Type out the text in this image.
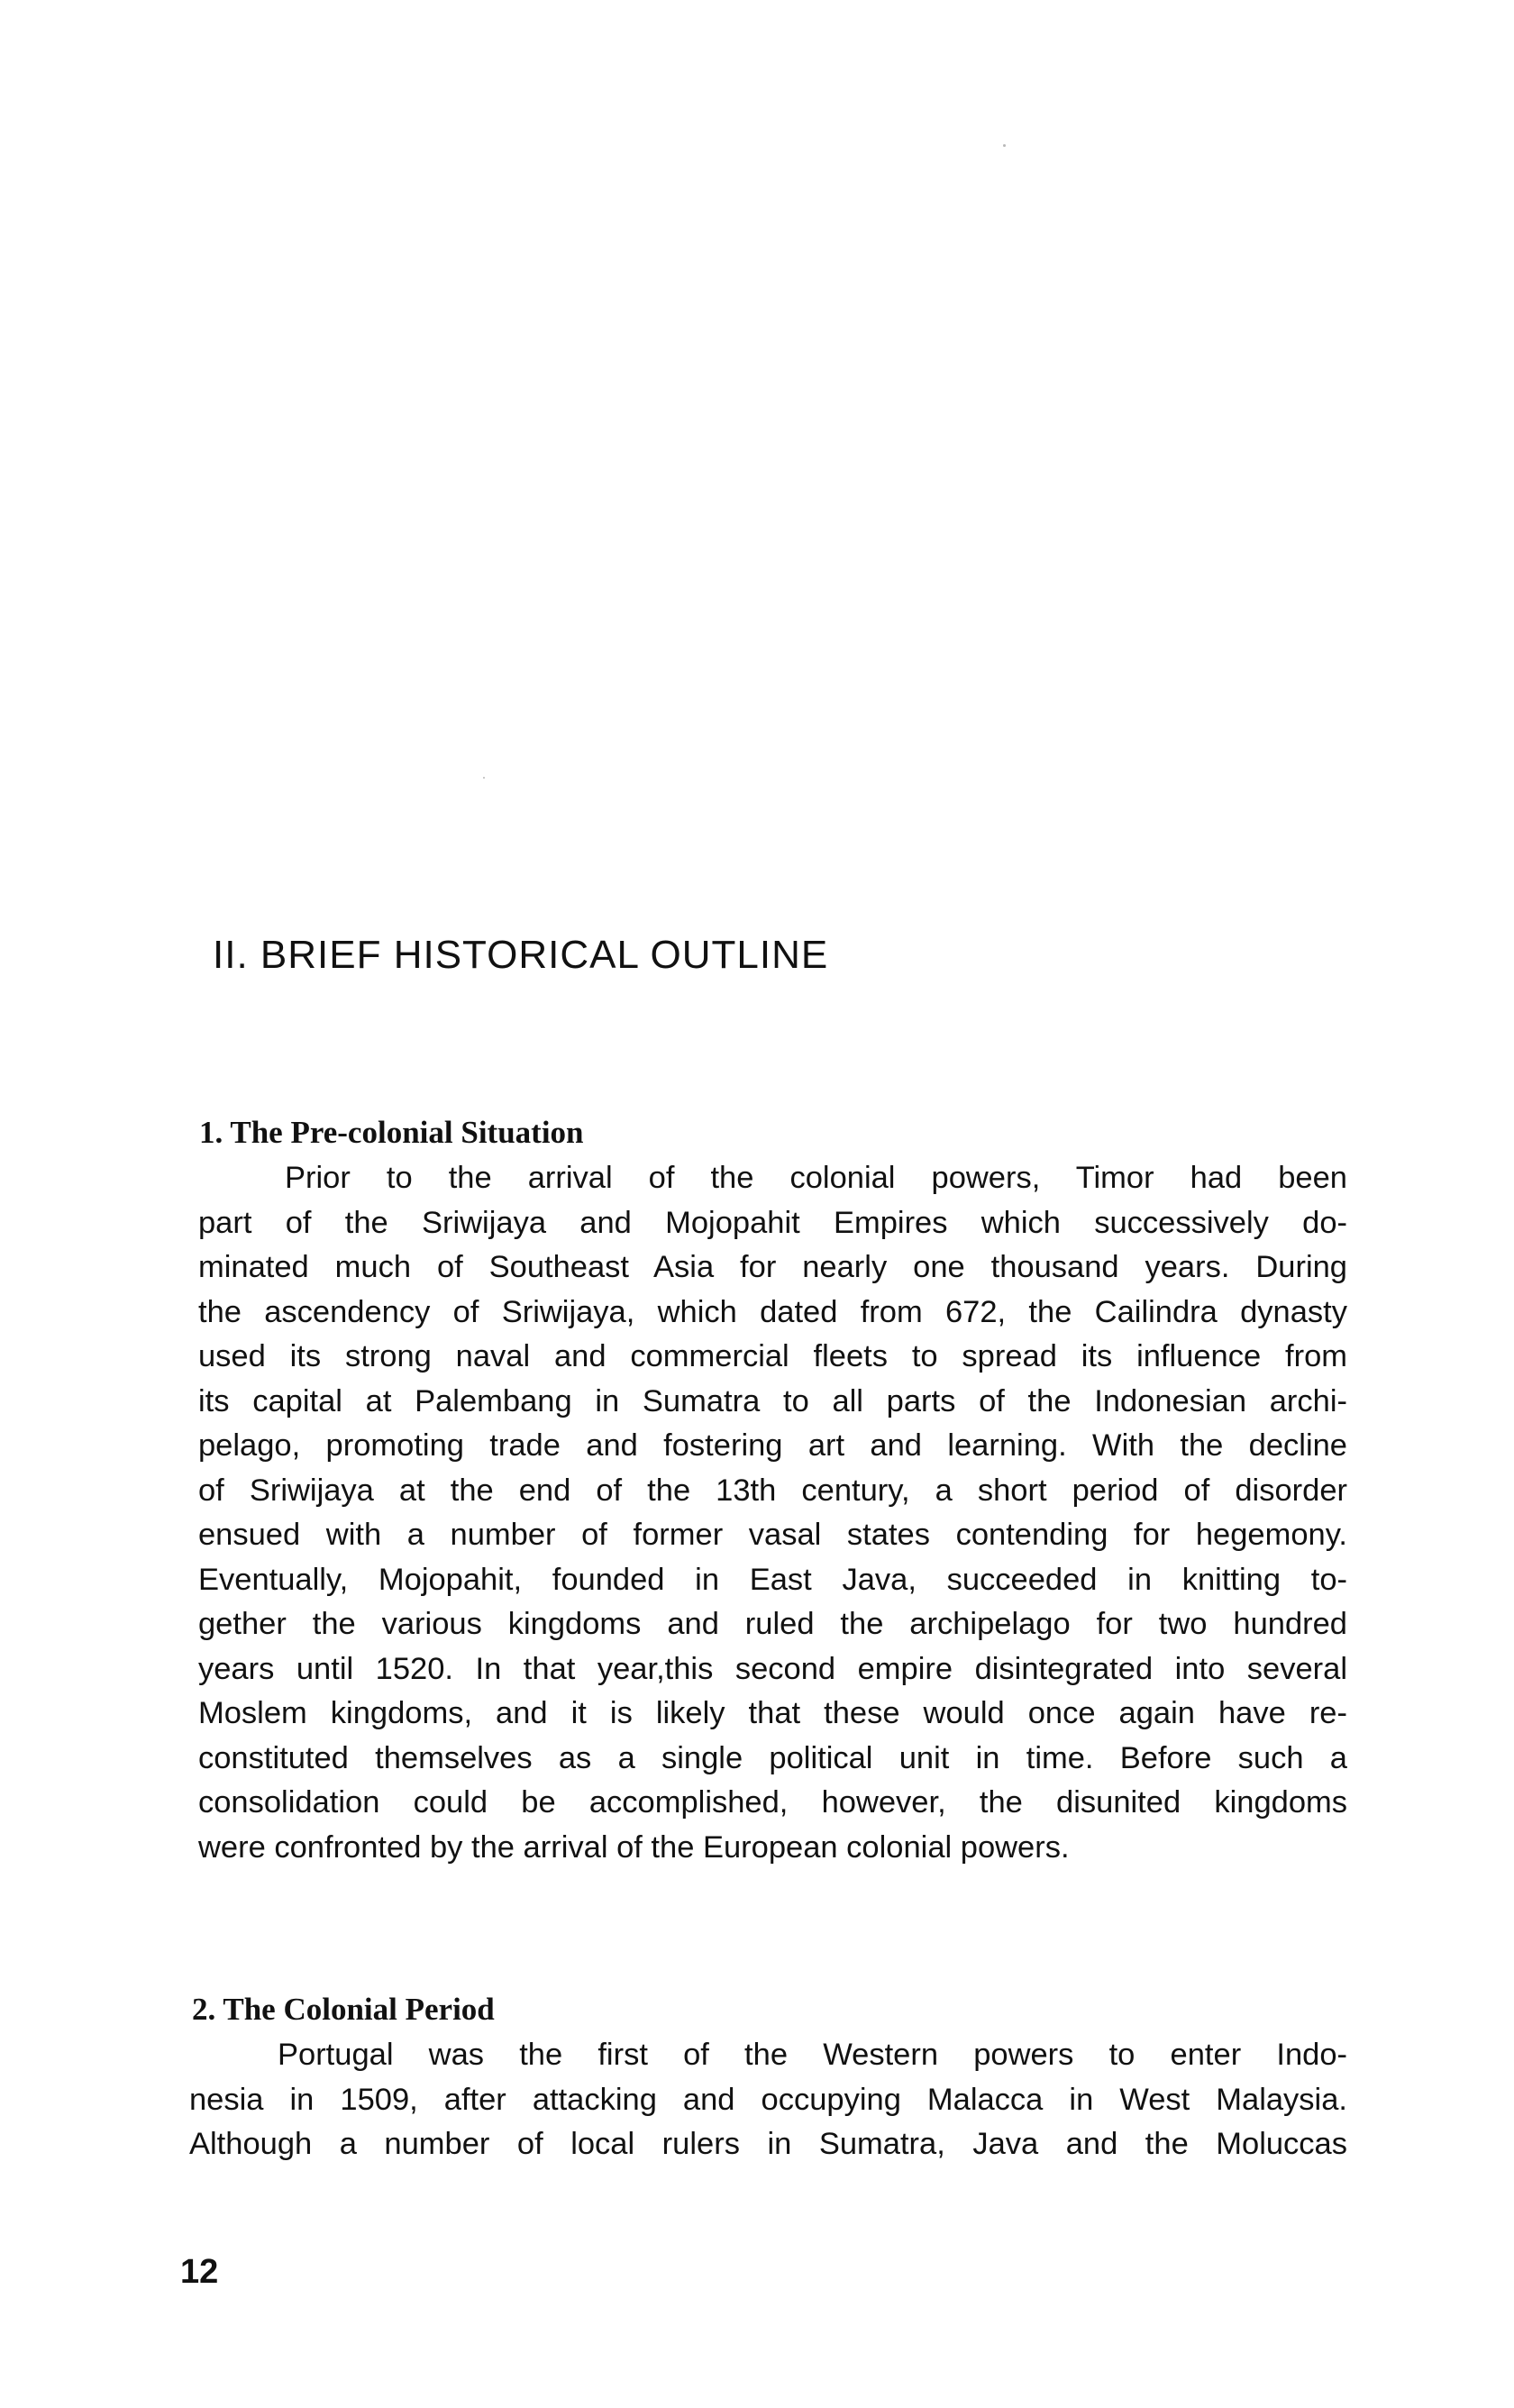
II. BRIEF HISTORICAL OUTLINE
1. The Pre-colonial Situation
Prior to the arrival of the colonial powers, Timor had been
part of the Sriwijaya and Mojopahit Empires which successively do-
minated much of Southeast Asia for nearly one thousand years. During
the ascendency of Sriwijaya, which dated from 672, the Cailindra dynasty
used its strong naval and commercial fleets to spread its influence from
its capital at Palembang in Sumatra to all parts of the Indonesian archi-
pelago, promoting trade and fostering art and learning. With the decline
of Sriwijaya at the end of the 13th century, a short period of disorder
ensued with a number of former vasal states contending for hegemony.
Eventually, Mojopahit, founded in East Java, succeeded in knitting to-
gether the various kingdoms and ruled the archipelago for two hundred
years until 1520. In that year,this second empire disintegrated into several
Moslem kingdoms, and it is likely that these would once again have re-
constituted themselves as a single political unit in time. Before such a
consolidation could be accomplished, however, the disunited kingdoms
were confronted by the arrival of the European colonial powers.
2. The Colonial Period
Portugal was the first of the Western powers to enter Indo-
nesia in 1509, after attacking and occupying Malacca in West Malaysia.
Although a number of local rulers in Sumatra, Java and the Moluccas

12
